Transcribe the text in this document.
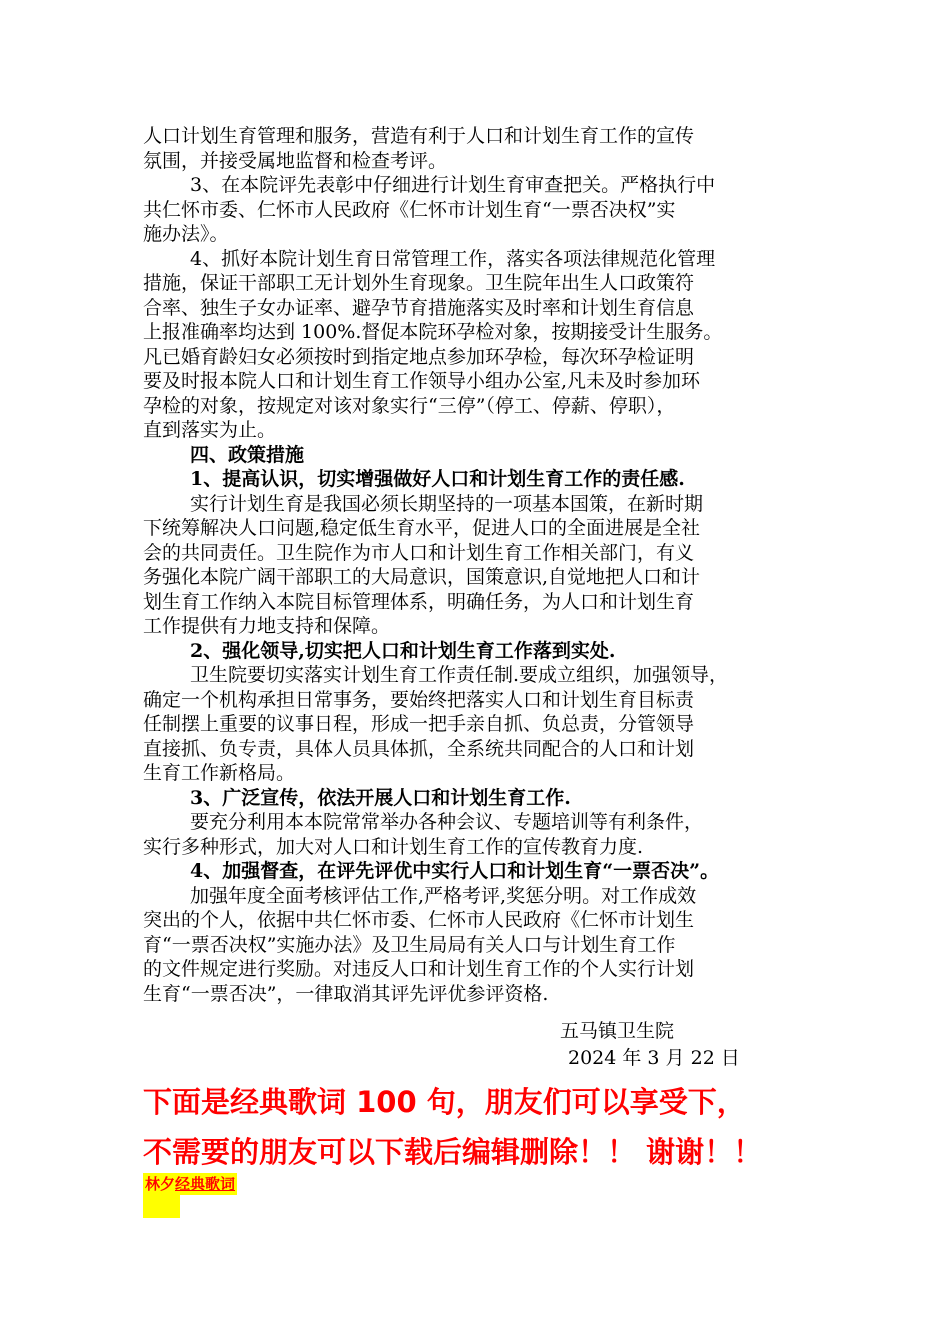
人口计划生育管理和服务，营造有利于人口和计划生育工作的宣传
氛围，并接受属地监督和检查考评。
3、在本院评先表彰中仔细进行计划生育审查把关。严格执行中
共仁怀市委、仁怀市人民政府《仁怀市计划生育“一票否决权”实
施办法》。
4、抓好本院计划生育日常管理工作，落实各项法律规范化管理
措施，保证干部职工无计划外生育现象。卫生院年出生人口政策符
合率、独生子女办证率、避孕节育措施落实及时率和计划生育信息
上报准确率均达到 100%.督促本院环孕检对象，按期接受计生服务。
凡已婚育龄妇女必须按时到指定地点参加环孕检，每次环孕检证明
要及时报本院人口和计划生育工作领导小组办公室,凡未及时参加环
孕检的对象，按规定对该对象实行“三停”（停工、停薪、停职），
直到落实为止。
四、政策措施
1、提高认识，切实增强做好人口和计划生育工作的责任感.
实行计划生育是我国必须长期坚持的一项基本国策，在新时期
下统筹解决人口问题,稳定低生育水平，促进人口的全面进展是全社
会的共同责任。卫生院作为市人口和计划生育工作相关部门，有义
务强化本院广阔干部职工的大局意识，国策意识,自觉地把人口和计
划生育工作纳入本院目标管理体系，明确任务，为人口和计划生育
工作提供有力地支持和保障。
2、强化领导,切实把人口和计划生育工作落到实处.
卫生院要切实落实计划生育工作责任制.要成立组织，加强领导，
确定一个机构承担日常事务，要始终把落实人口和计划生育目标责
任制摆上重要的议事日程，形成一把手亲自抓、负总责，分管领导
直接抓、负专责，具体人员具体抓，全系统共同配合的人口和计划
生育工作新格局。
3、广泛宣传，依法开展人口和计划生育工作.
要充分利用本本院常常举办各种会议、专题培训等有利条件，
实行多种形式，加大对人口和计划生育工作的宣传教育力度.
4、加强督查，在评先评优中实行人口和计划生育“一票否决”。
加强年度全面考核评估工作,严格考评,奖惩分明。对工作成效
突出的个人，依据中共仁怀市委、仁怀市人民政府《仁怀市计划生
育“一票否决权”实施办法》及卫生局局有关人口与计划生育工作
的文件规定进行奖励。对违反人口和计划生育工作的个人实行计划
生育“一票否决”，一律取消其评先评优参评资格.
五马镇卫生院
2024 年 3 月 22 日
下面是经典歌词 100 句，朋友们可以享受下，
不需要的朋友可以下载后编辑删除！！ 谢谢！！
林夕经典歌词
